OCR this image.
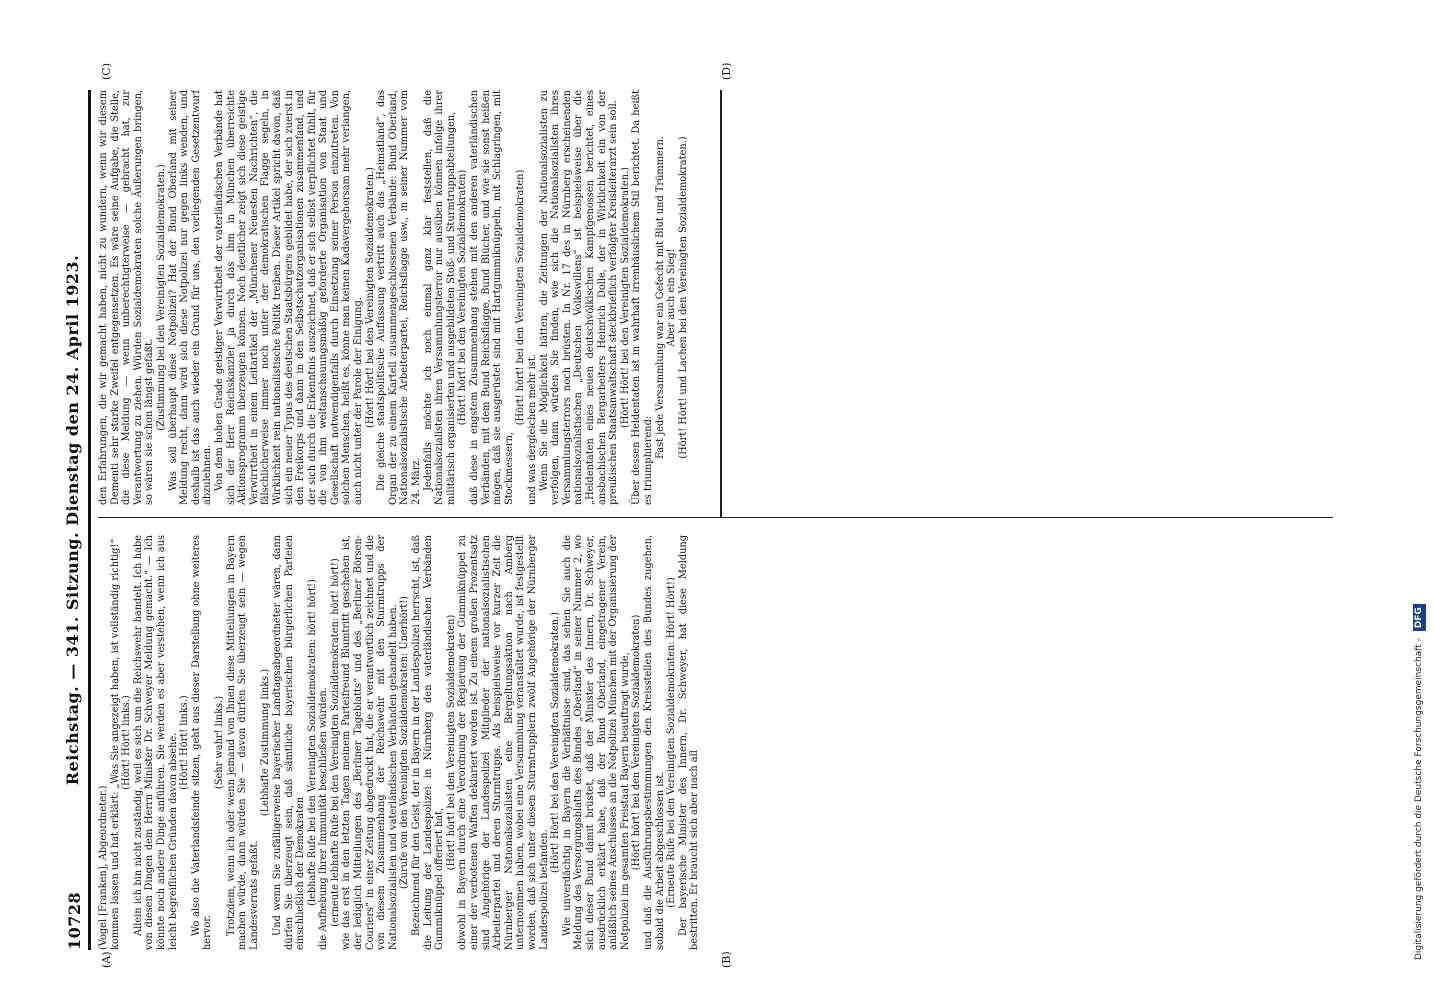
10728
Reichstag. — 341. Sitzung. Dienstag den 24. April 1923.
(A)	(B)
(C)	(D)

(Vogel [Franken], Abgeordneter.) kommen lassen und hat erklärt: „Was Sie angezeigt haben, ist vollständig richtig!“ (Hört! Hört! links.) Allein ich bin nicht zuständig, weil es sich um die Reichswehr handelt. Ich habe von diesen Dingen dem Herrn Minister Dr. Schweyer Meldung gemacht.“ — Ich könnte noch andere Dinge anführen. Sie werden es aber verstehen, wenn ich aus leicht begreiflichen Gründen davon absehe. (Hört! Hört! links.) Wo also die Vaterlandsfeinde sitzen, geht aus dieser Darstellung ohne weiteres hervor.

(Sehr wahr! links.) Trotzdem, wenn ich oder wenn jemand von Ihnen diese Mitteilungen in Bayern machen würde, dann würden Sie — davon dürfen Sie überzeugt sein — wegen Landesverrats gefaßt.

(Lebhafte Zustimmung links.) Und wenn Sie zufälligerweise bayerischer Landtagsabgeordneter wären, dann dürfen Sie überzeugt sein, daß sämtliche bayerischen bürgerlichen Parteien einschließlich der Demokraten (lebhafte Rufe bei den Vereinigten Sozialdemokraten: hört! hört!) die Aufhebung Ihrer Immunität beschließen würden. (erneute lebhafte Rufe bei den Vereinigten Sozialdemokraten: hört! hört!) wie das erst in den letzten Tagen meinem Parteifreund Blumtritt geschehen ist, der lediglich Mitteilungen des „Berliner Tageblatts“ und des „Berliner Börsen-Couriers“ in einer Zeitung abgedruckt hat, die er verantwortlich zeichnet und die von diesem Zusammenhang der Reichswehr mit den Sturmtrupps der Nationalsozialisten und vaterländischen Verbänden gehandelt haben. (Zurufe von den Vereinigten Sozialdemokraten: Unerhört!) Bezeichnend für den Geist, der in Bayern in der Landespolizei herrscht, ist, daß die Leitung der Landespolizei in Nürnberg den vaterländischen Verbänden Gummiknüppel offeriert hat,

(Hört! hört! bei den Vereinigten Sozialdemokraten) obwohl in Bayern durch eine Verordnung der Regierung der Gummiknüppel zu einer der verbotenen Waffen deklariert worden ist. Zu einem großen Prozentsatz sind Angehörige der Landespolizei Mitglieder der nationalsozialistischen Arbeiterpartei und deren Sturmtrupps. Als beispielsweise vor kurzer Zeit die Nürnberger Nationalsozialisten eine Bergeltungsaktion nach Amberg unternommen haben, wobei eine Versammlung veranstaltet wurde, ist festgestellt worden, daß sich unter diesen Sturmtrupplern zwölf Angehörige der Nürnberger Landespolizei befanden.

(Hört! Hört! bei den Vereinigten Sozialdemokraten.) Wie unverdächtig in Bayern die Verhältnisse sind, das sehen Sie auch die Meldung des Versorgungsblatts des Bundes „Oberland“ in seiner Nummer 2, wo sich dieser Bund damit brüstet, daß der Minister des Innern, Dr. Schweyer, ausdrücklich erklärt habe, daß der Bund Oberland, eingetragener Verein, anläßlich seines Anschlusses an die Notpolizei München mit der Organisierung der Notpolizei im gesamten Freistaat Bayern beauftragt wurde, (Hört! hört! bei den Vereinigten Sozialdemokraten) und daß die Ausführungsbestimmungen den Kreisstellen des Bundes zugehen, sobald die Arbeit abgeschlossen ist. (Erneute Rufe bei den Vereinigten Sozialdemokraten: Hört! Hört!) Der bayerische Minister des Innern, Dr. Schweyer, hat diese Meldung bestritten. Er braucht sich aber nach all

den Erfahrungen, die wir gemacht haben, nicht zu wundern, wenn wir diesem Dementi sehr starke Zweifel entgegensetzen. Es wäre seine Aufgabe, die Stelle, die diese Meldung — wenn unberechtigterweise — gebracht hat, zur Verantwortung zu ziehen. Würden Sozialdemokraten solche Äußerungen bringen, so wären sie schon längst gefaßt. (Zustimmung bei den Vereinigten Sozialdemokraten.) Was soll überhaupt diese Notpolizei? Hat der Bund Oberland mit seiner Meldung recht, dann wird sich diese Notpolizei nur gegen links wenden, und deshalb ist das auch wieder ein Grund für uns, den vorliegenden Gesetzentwurf abzulehnen. Von dem hohen Grade geistiger Verwirrtheit der vaterländischen Verbände hat sich der Herr Reichskanzler ja durch das ihm in München überreichte Aktionsprogramm überzeugen können. Noch deutlicher zeigt sich diese geistige Verwirrtheit in einem Leitartikel der „Münchener Neuesten Nachrichten“, die fälschlicherweise immer noch unter der demokratischen Flagge segeln, in Wirklichkeit rein nationalistische Politik treiben. Dieser Artikel spricht davon, daß sich ein neuer Typus des deutschen Staatsbürgers gebildet habe, der sich zuerst in den Freikorps und dann in den Selbstschutzorganisationen zusammenfand, und der sich durch die Erkenntnis auszeichnet, daß er sich selbst verpflichtet fühlt, für die von ihm weltanschauungsmäßig geforderte Organisation von Staat und Gesellschaft notwendigenfalls durch Einsetzung seiner Person einzutreten. Von solchen Menschen, heißt es, könne man keinen Kadavergehorsam mehr verlangen, auch nicht unter der Parole der Einigung. (Hört! Hört! bei den Vereinigten Sozialdemokraten.) Die gleiche staatspolitische Auffassung vertritt auch das „Heimatland“, das Organ der zu einem Kartell zusammengeschlossenen Verbände: Bund Oberland, Nationalsozialistische Arbeiterpartei, Reichsflagge usw., in seiner Nummer vom 24. März. Jedenfalls möchte ich noch einmal ganz klar feststellen, daß die Nationalsozialisten ihren Versammlungsterror nur ausüben können infolge ihrer militärisch organisierten und ausgebildeten Stoß- und Sturmtruppabteilungen, (Hört! hört! bei den Vereinigten Sozialdemokraten) daß diese in engstem Zusammenhang stehen mit den anderen vaterländischen Verbänden, mit dem Bund Reichsflagge, Bund Blücher, und wie sie sonst heißen mögen, daß sie ausgerüstet sind mit Hartgummiknüppeln, mit Schlagringen, mit Stockmessern,

(Hört! hört! bei den Vereinigten Sozialdemokraten)

und was dergleichen mehr ist. Wenn Sie die Möglichkeit hätten, die Zeitungen der Nationalsozialisten zu verfolgen, dann würden Sie finden, wie sich die Nationalsozialisten ihres Versammlungsterrors noch brüsten. In Nr. 17 des in Nürnberg erscheinenden nationalsozialistischen „Deutschen Volkswillens“ ist beispielsweise über die „Heldentaten eines neuen deutschvölkischen Kampfgenossen berichtet, eines ansbachischen Bergarbeiters Heinrich Dolle, der in Wirklichkeit ein von der preußischen Staatsanwaltschaft steckbrieflich verfolgter Kreisleiterarzt sein soll. (Hört! Hört! bei den Vereinigten Sozialdemokraten.) Über dessen Heldentaten ist in wahrhaft irrenhäuslichem Stil berichtet. Da heißt es triumphierend:

Fast jede Versammlung war ein Gefecht mit Blut und Trümmern. Aber auch ein Sieg! (Hört! Hört! und Lachen bei den Vereinigten Sozialdemokraten.)

Digitalisierung gefördert durch die Deutsche Forschungsgemeinschaft - DFG
